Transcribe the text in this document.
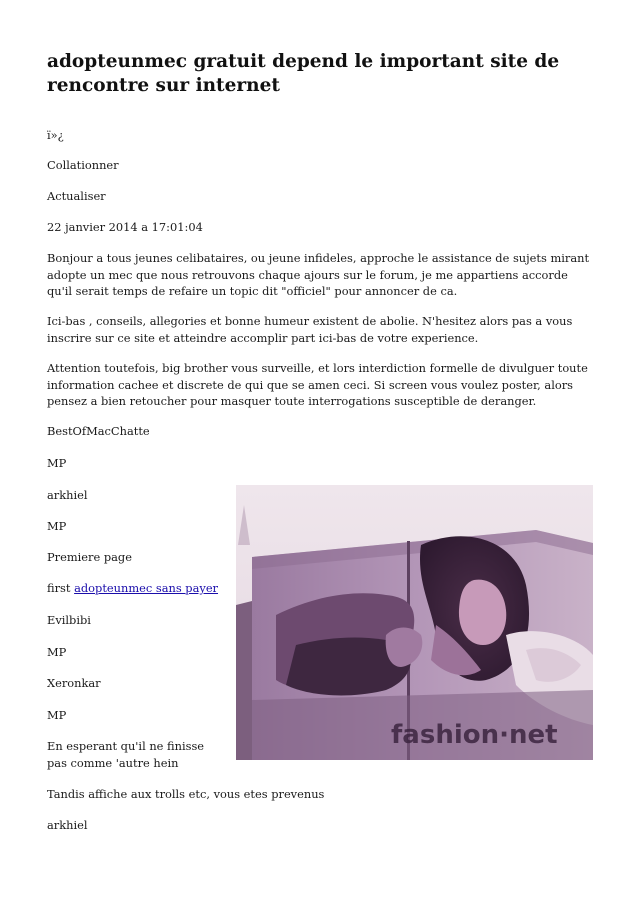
adopteunmec gratuit depend le important site de rencontre sur internet

ï»¿

Collationner

Actualiser

22 janvier 2014 a 17:01:04

Bonjour a tous jeunes celibataires, ou jeune infideles, approche le assistance de sujets mirant adopte un mec que nous retrouvons chaque ajours sur le forum, je me appartiens accorde qu'il serait temps de refaire un topic dit "officiel" pour annoncer de ca.

Ici-bas , conseils, allegories et bonne humeur existent de abolie. N'hesitez alors pas a vous inscrire sur ce site et atteindre accomplir part ici-bas de votre experience.

Attention toutefois, big brother vous surveille, et lors interdiction formelle de divulguer toute information cachee et discrete de qui que se amen ceci. Si screen vous voulez poster, alors pensez a bien retoucher pour masquer toute interrogations susceptible de deranger.

BestOfMacChatte

MP

arkhiel

MP

Premiere page

first adopteunmec sans payer

Evilbibi

MP

Xeronkar

MP

En esperant qu'il ne finisse pas comme 'autre hein

Tandis affiche aux trolls etc, vous etes prevenus

arkhiel

fashion·net
